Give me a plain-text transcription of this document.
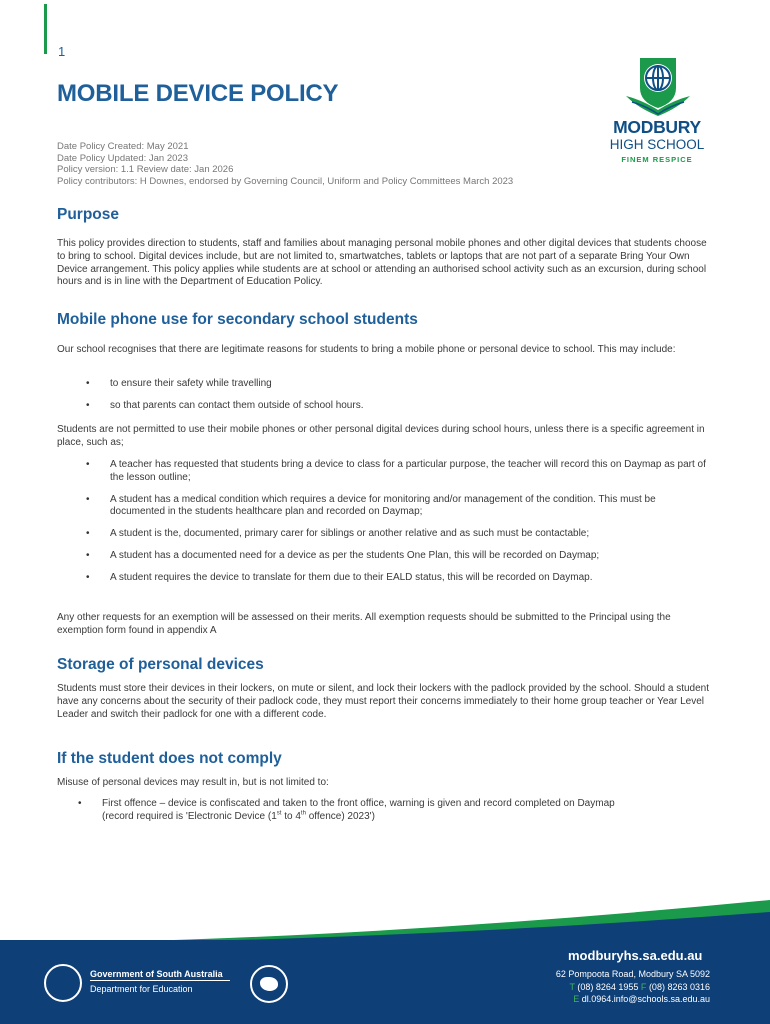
1
MOBILE DEVICE POLICY
Date Policy Created: May 2021
Date Policy Updated: Jan 2023
Policy version: 1.1 Review date: Jan 2026
Policy contributors: H Downes, endorsed by Governing Council, Uniform and Policy Committees March 2023
MODBURY
HIGH SCHOOL
FINEM RESPICE
Purpose

This policy provides direction to students, staff and families about managing personal mobile phones and other digital devices that students choose to bring to school. Digital devices include, but are not limited to, smartwatches, tablets or laptops that are not part of a separate Bring Your Own Device arrangement. This policy applies while students are at school or attending an authorised school activity such as an excursion, during school hours and is in line with the Department of Education Policy.

Mobile phone use for secondary school students

Our school recognises that there are legitimate reasons for students to bring a mobile phone or personal device to school. This may include:

• to ensure their safety while travelling
• so that parents can contact them outside of school hours.

Students are not permitted to use their mobile phones or other personal digital devices during school hours, unless there is a specific agreement in place, such as;

• A teacher has requested that students bring a device to class for a particular purpose, the teacher will record this on Daymap as part of the lesson outline;
• A student has a medical condition which requires a device for monitoring and/or management of the condition. This must be documented in the students healthcare plan and recorded on Daymap;
• A student is the, documented, primary carer for siblings or another relative and as such must be contactable;
• A student has a documented need for a device as per the students One Plan, this will be recorded on Daymap;
• A student requires the device to translate for them due to their EALD status, this will be recorded on Daymap.

Any other requests for an exemption will be assessed on their merits. All exemption requests should be submitted to the Principal using the exemption form found in appendix A

Storage of personal devices

Students must store their devices in their lockers, on mute or silent, and lock their lockers with the padlock provided by the school. Should a student have any concerns about the security of their padlock code, they must report their concerns immediately to their home group teacher or Year Level Leader and switch their padlock for one with a different code.

If the student does not comply

Misuse of personal devices may result in, but is not limited to:

• First offence – device is confiscated and taken to the front office, warning is given and record completed on Daymap
(record required is 'Electronic Device (1st to 4th offence) 2023')
Government of South Australia
Department for Education
modburyhs.sa.edu.au
62 Pompoota Road, Modbury SA 5092
T (08) 8264 1955 F (08) 8263 0316
E dl.0964.info@schools.sa.edu.au
